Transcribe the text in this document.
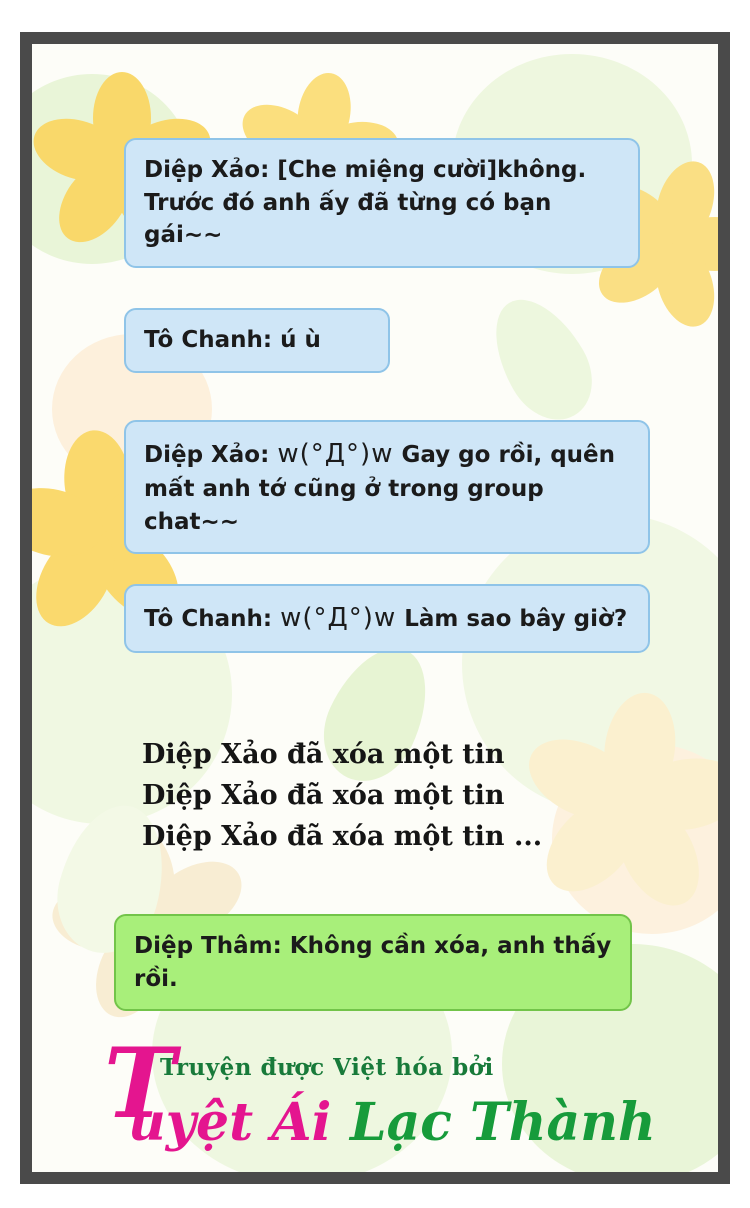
Diệp Xảo: [Che miệng cười]không. Trước đó anh ấy đã từng có bạn gái~~
Tô Chanh: ú ù
Diệp Xảo: w(°Д°)w Gay go rồi, quên mất anh tớ cũng ở trong group chat~~
Tô Chanh: w(°Д°)w Làm sao bây giờ?
Diệp Xảo đã xóa một tin
Diệp Xảo đã xóa một tin
Diệp Xảo đã xóa một tin ...
Diệp Thâm: Không cần xóa, anh thấy rồi.
Truyện được Việt hóa bởi
T
uyệt Ái Lạc Thành
